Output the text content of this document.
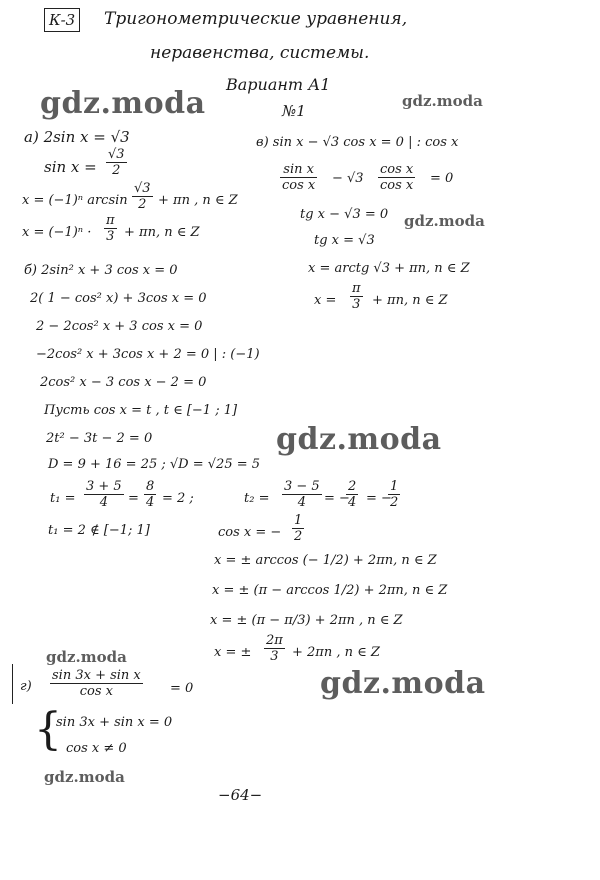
К-3 Тригонометрические уравнения,
неравенства, системы.
Вариант А1
№1
gdz.moda	gdz.moda
gdz.moda
gdz.moda
gdz.moda
gdz.moda
gdz.moda
а) 2sin x = √3
$\sin x = \frac{√3}{2}$
x = (−1)ⁿ $\arcsin \frac{√3}{2} + \pi n$ , n ∈ Z
$x = (-1)^n \cdot \frac{\pi}{3} + \pi n$, n ∈ Z
в) sin x − √3 cos x = 0 | : cos x
$\frac{\text{sin x}}{\text{cos x}} - √3 \frac{\text{cos x}}{\text{cos x}} = 0$
tg x − √3 = 0
tg x = √3
x = arctg √3 + πn, n ∈ Z
$x = \frac{\pi}{3} + \pi n$, n ∈ Z
б) 2sin² x + 3 cos x = 0
2( 1 − cos² x) + 3cos x = 0
2 − 2cos² x + 3 cos x = 0
−2cos² x + 3cos x + 2 = 0 | : (−1)
2cos² x − 3 cos x − 2 = 0
Пусть cos x = t , t ∈ [−1 ; 1]
2t² − 3t − 2 = 0
D = 9 + 16 = 25 ; √D = √25 = 5
$t_1 = \frac{3 + 5}{4} = \frac{8}{4} = 2$ ;	$t_2 = \frac{3 - 5}{4}$ = −
$\frac{2}{4}$ = −
$\frac{1}{2}$
t₁ = 2 ∉ [−1; 1]	cos x = − $\frac{1}{2}$
x = ± arccos (− 1/2) + 2πn, n ∈ Z
x = ± (π − arccos 1/2) + 2πn, n ∈ Z
x = ± (π − π/3) + 2πn , n ∈ Z
x = ± $\frac{2\pi}{3} + 2\pi n$ , n ∈ Z
$г) \frac{\text{sin 3x + sin x}}{\text{cos x}} = 0$
{
sin 3x + sin x = 0
cos x ≠ 0
−64−
